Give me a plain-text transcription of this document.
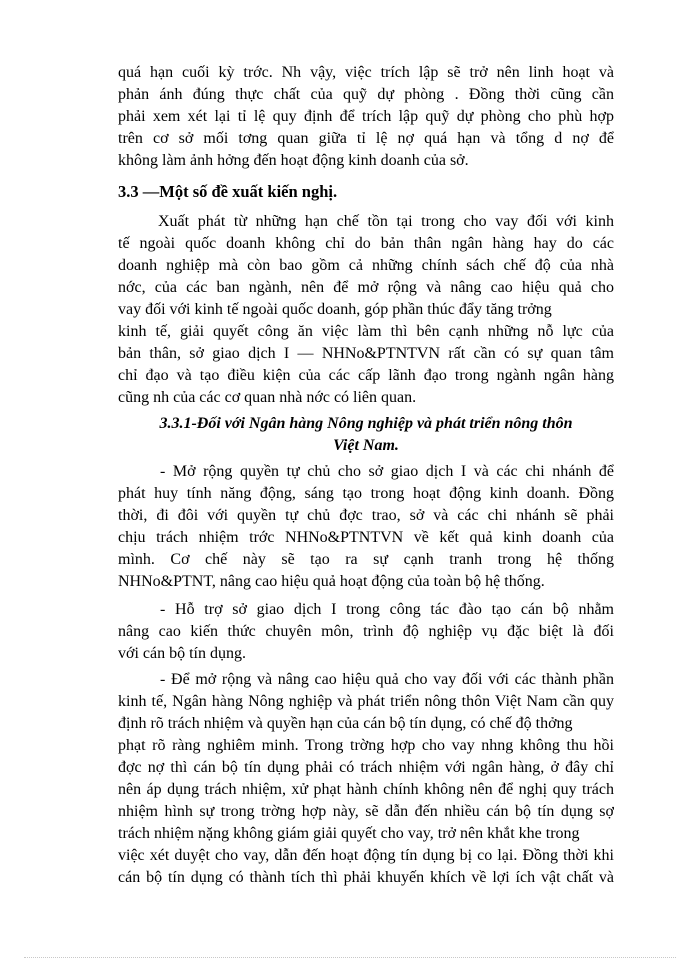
quá hạn cuối kỳ trớc. Nh vậy, việc trích lập sẽ trở nên linh hoạt và
phản ánh đúng thực chất của quỹ dự phòng . Đồng thời cũng cần
phải xem xét lại tỉ lệ quy định để trích lập quỹ dự phòng cho phù hợp
trên cơ sở mối tơng quan giữa tỉ lệ nợ quá hạn và tổng d nợ để
không làm ảnh hởng đến hoạt động kinh doanh của sở.
3.3 —Một số đề xuất kiến nghị.
Xuất phát từ những hạn chế tồn tại trong cho vay đối với kinh
tế ngoài quốc doanh không chỉ do bản thân ngân hàng hay do các
doanh nghiệp mà còn bao gồm cả những chính sách chế độ của nhà
nớc, của các ban ngành, nên để mở rộng và nâng cao hiệu quả cho
vay đối với kinh tế ngoài quốc doanh, góp phần thúc đẩy tăng trởng
kinh tế, giải quyết công ăn việc làm thì bên cạnh những nỗ lực của
bản thân, sở giao dịch I — NHNo&PTNTVN rất cần có sự quan tâm
chỉ đạo và tạo điều kiện của các cấp lãnh đạo trong ngành ngân hàng
cũng nh của các cơ quan nhà nớc có liên quan.
3.3.1-Đối với Ngân hàng Nông nghiệp và phát triển nông thôn
Việt Nam.
- Mở rộng quyền tự chủ cho sở giao dịch I và các chi nhánh để
phát huy tính năng động, sáng tạo trong hoạt động kinh doanh. Đồng
thời, đi đôi với quyền tự chủ đợc trao, sở và các chi nhánh sẽ phải
chịu trách nhiệm trớc NHNo&PTNTVN về kết quả kinh doanh của
mình. Cơ chế này sẽ tạo ra sự cạnh tranh trong hệ thống
NHNo&PTNT, nâng cao hiệu quả hoạt động của toàn bộ hệ thống.
- Hỗ trợ sở giao dịch I trong công tác đào tạo cán bộ nhằm
nâng cao kiến thức chuyên môn, trình độ nghiệp vụ đặc biệt là đối
với cán bộ tín dụng.
- Để mở rộng và nâng cao hiệu quả cho vay đối với các thành phần
kinh tế, Ngân hàng Nông nghiệp và phát triển nông thôn Việt Nam cần quy
định rõ trách nhiệm và quyền hạn của cán bộ tín dụng, có chế độ thởng
phạt rõ ràng nghiêm minh. Trong trờng hợp cho vay nhng không thu hồi
đợc nợ thì cán bộ tín dụng phải có trách nhiệm với ngân hàng, ở đây chỉ
nên áp dụng trách nhiệm, xử phạt hành chính không nên để nghị quy trách
nhiệm hình sự trong trờng hợp này, sẽ dẫn đến nhiều cán bộ tín dụng sợ
trách nhiệm nặng không giám giải quyết cho vay, trở nên khắt khe trong
việc xét duyệt cho vay, dẫn đến hoạt động tín dụng bị co lại. Đồng thời khi
cán bộ tín dụng có thành tích thì phải khuyến khích về lợi ích vật chất và
